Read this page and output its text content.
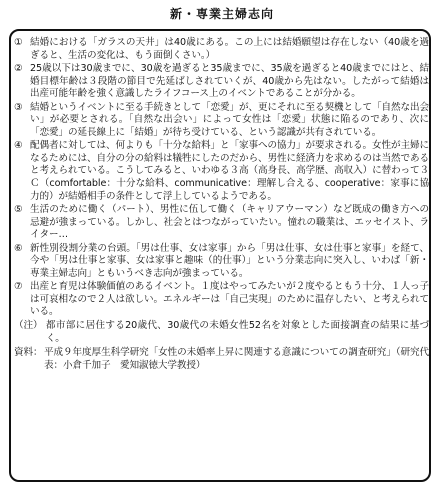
新・専業主婦志向
① 結婚における「ガラスの天井」は40歳にある。この上には結婚願望は存在しない（40歳を過ぎると、生活の変化は、もう面倒くさい。）
② 25歳以下は30歳までに、30歳を過ぎると35歳までに、35歳を過ぎると40歳までにはと、結婚目標年齢は３段階の節目で先延ばしされていくが、40歳から先はない。したがって結婚は出産可能年齢を強く意識したライフコース上のイベントであることが分かる。
③ 結婚というイベントに至る手続きとして「恋愛」が、更にそれに至る契機として「自然な出会い」が必要とされる。「自然な出会い」によって女性は「恋愛」状態に陥るのであり、次に「恋愛」の延長線上に「結婚」が待ち受けている、という認識が共有されている。
④ 配偶者に対しては、何よりも「十分な給料」と「家事への協力」が要求される。女性が主婦になるためには、自分の分の給料は犠牲にしたのだから、男性に経済力を求めるのは当然であると考えられている。こうしてみると、いわゆる３高（高身長、高学歴、高収入）に替わって３Ｃ（comfortable：十分な給料、communicative：理解し合える、cooperative：家事に協力的）が結婚相手の条件として浮上しているようである。
⑤ 生活のために働く（パート）、男性に伍して働く（キャリアウーマン）など既成の働き方への忌避が強まっている。しかし、社会とはつながっていたい。憧れの職業は、エッセイスト、ライター…
⑥ 新性別役割分業の台頭。「男は仕事、女は家事」から「男は仕事、女は仕事と家事」を経て、今や「男は仕事と家事、女は家事と趣味（的仕事）」という分業志向に突入し、いわば「新・専業主婦志向」ともいうべき志向が強まっている。
⑦ 出産と育児は体験価値のあるイベント。１度はやってみたいが２度やるともう十分、１人っ子は可哀相なので２人は欲しい。エネルギーは「自己実現」のために温存したい、と考えられている。
（注） 都市部に居住する20歳代、30歳代の未婚女性52名を対象とした面接調査の結果に基づく。
資料： 平成９年度厚生科学研究「女性の未婚率上昇に関連する意識についての調査研究」（研究代表：小倉千加子　愛知淑徳大学教授）
